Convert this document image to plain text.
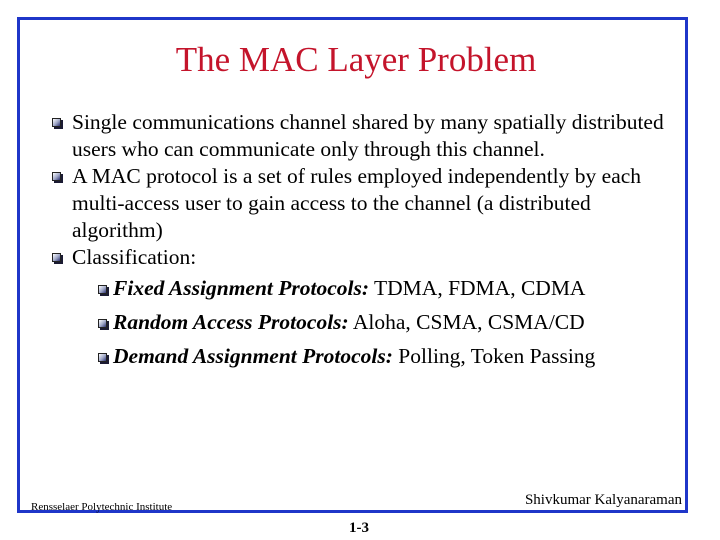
The MAC Layer Problem
Single communications channel shared by many spatially distributed users who can communicate only through this channel.
A MAC protocol is a set of rules employed independently by each multi-access user to gain access to the channel (a distributed algorithm)
Classification:
Fixed Assignment Protocols: TDMA, FDMA, CDMA
Random Access Protocols: Aloha, CSMA, CSMA/CD
Demand Assignment Protocols: Polling, Token Passing
Rensselaer Polytechnic Institute	Shivkumar Kalyanaraman
1-3
